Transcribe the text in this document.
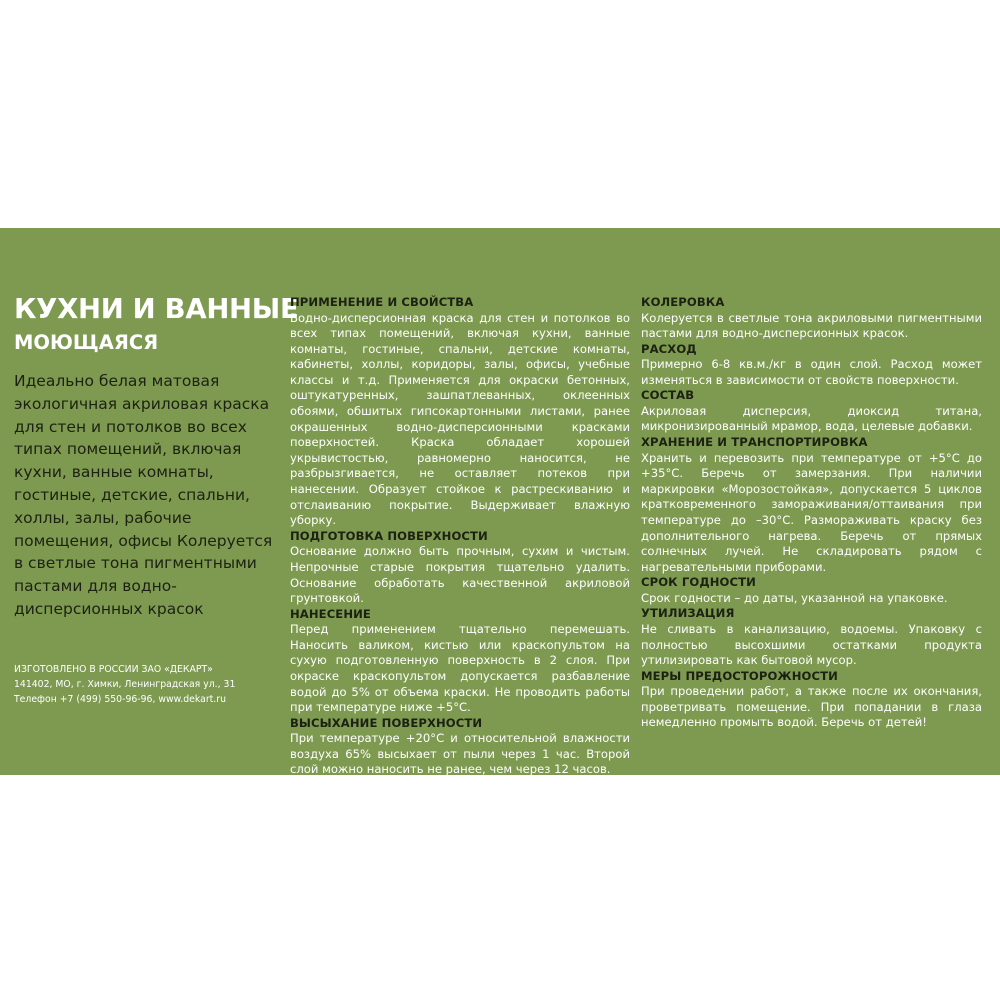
КУХНИ И ВАННЫЕ
МОЮЩАЯСЯ

Идеально белая матовая экологичная акриловая краска для стен и потолков во всех типах помещений, включая кухни, ванные комнаты, гостиные, детские, спальни, холлы, залы, рабочие помещения, офисы Колеруется в светлые тона пигментными пастами для водно-дисперсионных красок

ИЗГОТОВЛЕНО В РОССИИ ЗАО «ДЕКАРТ»
141402, МО, г. Химки, Ленинградская ул., 31
Телефон +7 (499) 550-96-96, www.dekart.ru
ПРИМЕНЕНИЕ И СВОЙСТВА

Водно-дисперсионная краска для стен и потолков во всех типах помещений, включая кухни, ванные комнаты, гостиные, спальни, детские комнаты, кабинеты, холлы, коридоры, залы, офисы, учебные классы и т.д. Применяется для окраски бетонных, оштукатуренных, зашпатлеванных, оклеенных обоями, обшитых гипсокартонными листами, ранее окрашенных водно-дисперсионными красками поверхностей. Краска обладает хорошей укрывистостью, равномерно наносится, не разбрызгивается, не оставляет потеков при нанесении. Образует стойкое к растрескиванию и отслаиванию покрытие. Выдерживает влажную уборку.

ПОДГОТОВКА ПОВЕРХНОСТИ

Основание должно быть прочным, сухим и чистым. Непрочные старые покрытия тщательно удалить. Основание обработать качественной акриловой грунтовкой.

НАНЕСЕНИЕ

Перед применением тщательно перемешать. Наносить валиком, кистью или краскопультом на сухую подготовленную поверхность в 2 слоя. При окраске краскопультом допускается разбавление водой до 5% от объема краски. Не проводить работы при температуре ниже +5°С.

ВЫСЫХАНИЕ ПОВЕРХНОСТИ

При температуре +20°С и относительной влажности воздуха 65% высыхает от пыли через 1 час. Второй слой можно наносить не ранее, чем через 12 часов.

КОЛЕРОВКА

Колеруется в светлые тона акриловыми пигментными пастами для водно-дисперсионных красок.

РАСХОД

Примерно 6-8 кв.м./кг в один слой. Расход может изменяться в зависимости от свойств поверхности.

СОСТАВ

Акриловая дисперсия, диоксид титана, микронизированный мрамор, вода, целевые добавки.

ХРАНЕНИЕ И ТРАНСПОРТИРОВКА

Хранить и перевозить при температуре от +5°С до +35°С. Беречь от замерзания. При наличии маркировки «Морозостойкая», допускается 5 циклов кратковременного замораживания/оттаивания при температуре до –30°С. Размораживать краску без дополнительного нагрева. Беречь от прямых солнечных лучей. Не складировать рядом с нагревательными приборами.

СРОК ГОДНОСТИ

Срок годности – до даты, указанной на упаковке.

УТИЛИЗАЦИЯ

Не сливать в канализацию, водоемы. Упаковку с полностью высохшими остатками продукта утилизировать как бытовой мусор.

МЕРЫ ПРЕДОСТОРОЖНОСТИ

При проведении работ, а также после их окончания, проветривать помещение. При попадании в глаза немедленно промыть водой. Беречь от детей!
